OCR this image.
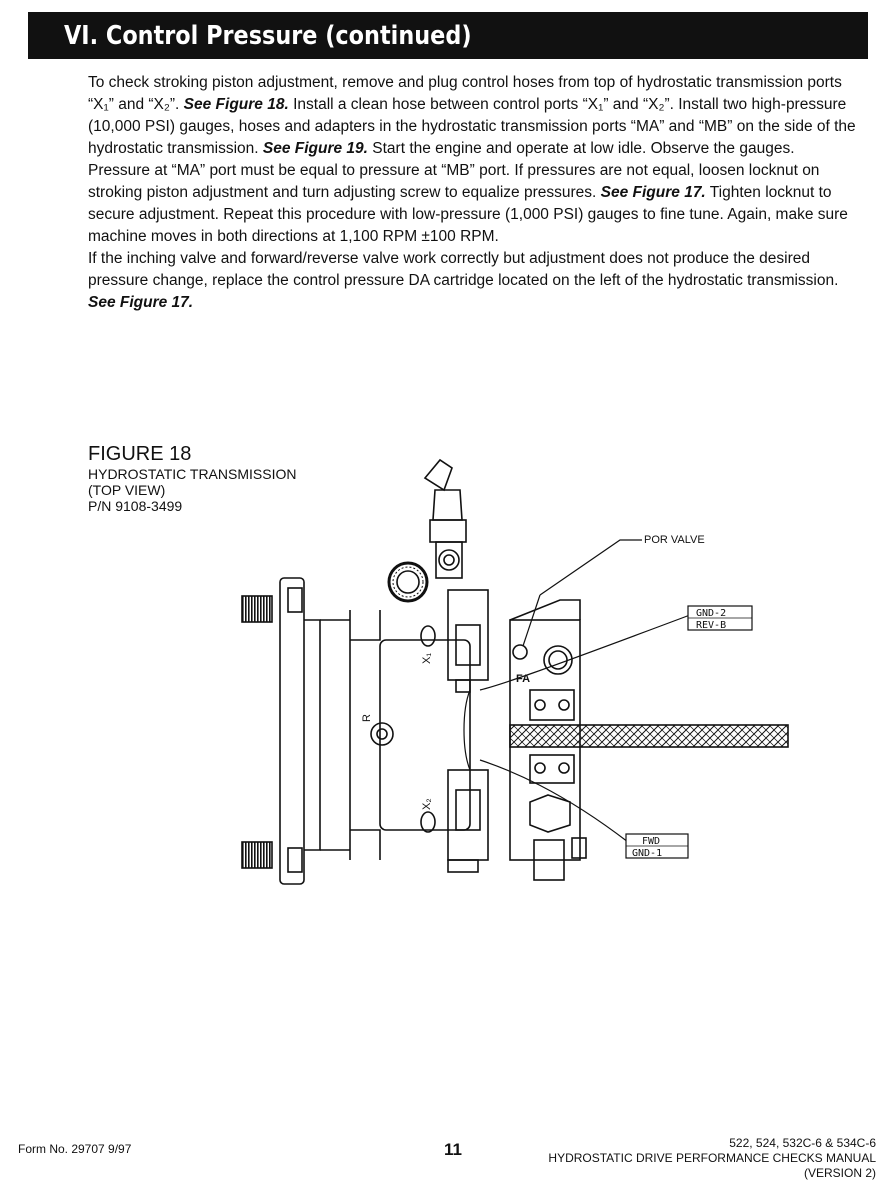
VI. Control Pressure (continued)

To check stroking piston adjustment, remove and plug control hoses from top of hydrostatic transmission ports “X₁” and “X₂”. See Figure 18. Install a clean hose between control ports “X₁” and “X₂”. Install two high-pressure (10,000 PSI) gauges, hoses and adapters in the hydrostatic transmission ports “MA” and “MB” on the side of the hydrostatic transmission. See Figure 19. Start the engine and operate at low idle. Observe the gauges. Pressure at “MA” port must be equal to pressure at “MB” port. If pressures are not equal, loosen locknut on stroking piston adjustment and turn adjusting screw to equalize pressures. See Figure 17. Tighten locknut to secure adjustment. Repeat this procedure with low-pressure (1,000 PSI) gauges to fine tune. Again, make sure machine moves in both directions at 1,100 RPM ±100 RPM.

If the inching valve and forward/reverse valve work correctly but adjustment does not produce the desired pressure change, replace the control pressure DA cartridge located on the left of the hydrostatic transmission.
See Figure 17.

FIGURE 18
HYDROSTATIC TRANSMISSION
(TOP VIEW)
P/N 9108-3499
POR VALVE
GND-2
REV-B
FWD
GND-1
X₁
X₂
R
FA
Form No. 29707 9/97	11	522, 524, 532C-6 & 534C-6
HYDROSTATIC DRIVE PERFORMANCE CHECKS MANUAL
(VERSION 2)
